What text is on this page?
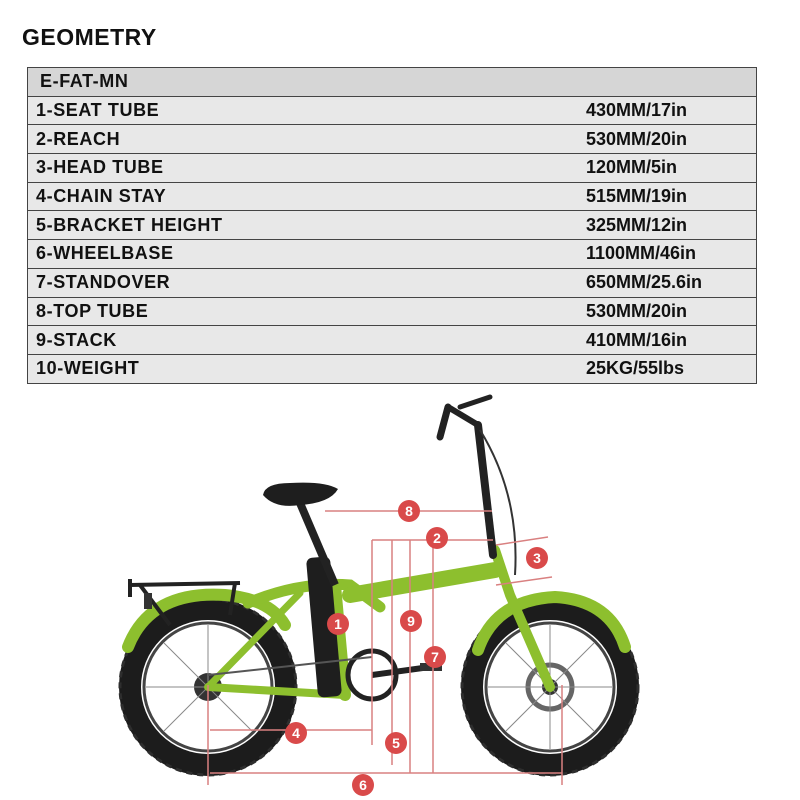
GEOMETRY
E-FAT-MN
1-SEAT TUBE	430MM/17in
2-REACH	530MM/20in
3-HEAD TUBE	120MM/5in
4-CHAIN STAY	515MM/19in
5-BRACKET HEIGHT	325MM/12in
6-WHEELBASE	1100MM/46in
7-STANDOVER	650MM/25.6in
8-TOP TUBE	530MM/20in
9-STACK	410MM/16in
10-WEIGHT	25KG/55lbs
1
2
3
4
5
6
7
8
9
